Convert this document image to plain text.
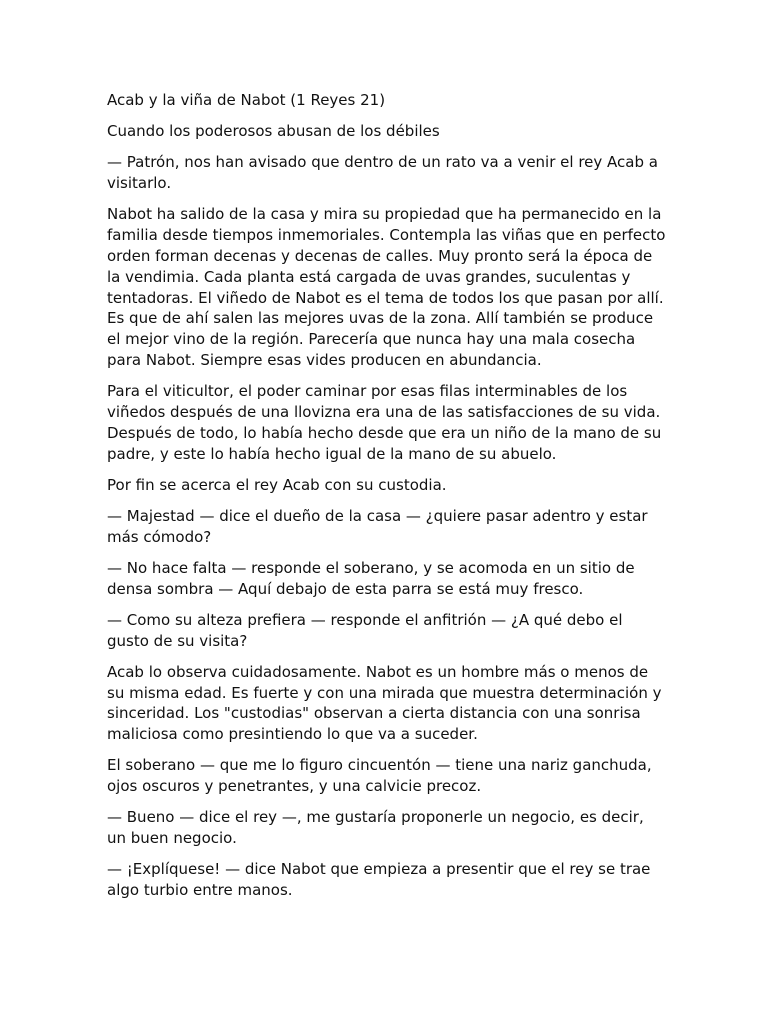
Acab y la viña de Nabot (1 Reyes 21)

Cuando los poderosos abusan de los débiles

— Patrón, nos han avisado que dentro de un rato va a venir el rey Acab a visitarlo.

Nabot ha salido de la casa y mira su propiedad que ha permanecido en la familia desde tiempos inmemoriales. Contempla las viñas que en perfecto orden forman decenas y decenas de calles. Muy pronto será la época de la vendimia. Cada planta está cargada de uvas grandes, suculentas y tentadoras. El viñedo de Nabot es el tema de todos los que pasan por allí. Es que de ahí salen las mejores uvas de la zona. Allí también se produce el mejor vino de la región. Parecería que nunca hay una mala cosecha para Nabot. Siempre esas vides producen en abundancia.

Para el viticultor, el poder caminar por esas filas interminables de los viñedos después de una llovizna era una de las satisfacciones de su vida. Después de todo, lo había hecho desde que era un niño de la mano de su padre, y este lo había hecho igual de la mano de su abuelo.

Por fin se acerca el rey Acab con su custodia.

— Majestad — dice el dueño de la casa — ¿quiere pasar adentro y estar más cómodo?

— No hace falta — responde el soberano, y se acomoda en un sitio de densa sombra — Aquí debajo de esta parra se está muy fresco.

— Como su alteza prefiera — responde el anfitrión — ¿A qué debo el gusto de su visita?

Acab lo observa cuidadosamente. Nabot es un hombre más o menos de su misma edad. Es fuerte y con una mirada que muestra determinación y sinceridad. Los "custodias" observan a cierta distancia con una sonrisa maliciosa como presintiendo lo que va a suceder.

El soberano — que me lo figuro cincuentón — tiene una nariz ganchuda, ojos oscuros y penetrantes, y una calvicie precoz.

— Bueno — dice el rey —, me gustaría proponerle un negocio, es decir, un buen negocio.

— ¡Explíquese! — dice Nabot que empieza a presentir que el rey se trae algo turbio entre manos.
